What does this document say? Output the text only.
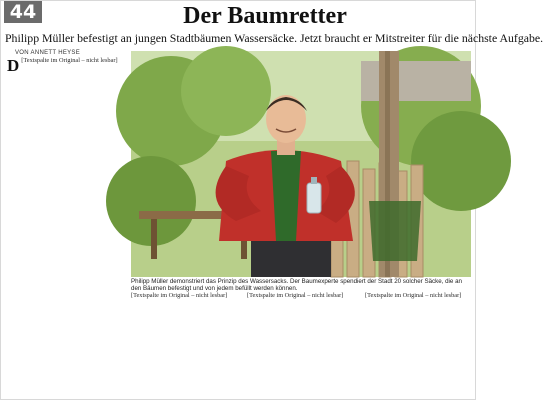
44	Der Baumretter
Philipp Müller befestigt an jungen Stadtbäumen Wassersäcke. Jetzt braucht er Mitstreiter für die nächste Aufgabe.
VON ANNETT HEYSE

D [Textspalte im Original – nicht lesbar]

Philipp Müller demonstriert das Prinzip des Wassersacks. Der Baumexperte spendiert der Stadt 20 solcher Säcke, die an den Bäumen befestigt und von jedem befüllt werden können.

[Textspalte im Original – nicht lesbar]	[Textspalte im Original – nicht lesbar]	[Textspalte im Original – nicht lesbar]
